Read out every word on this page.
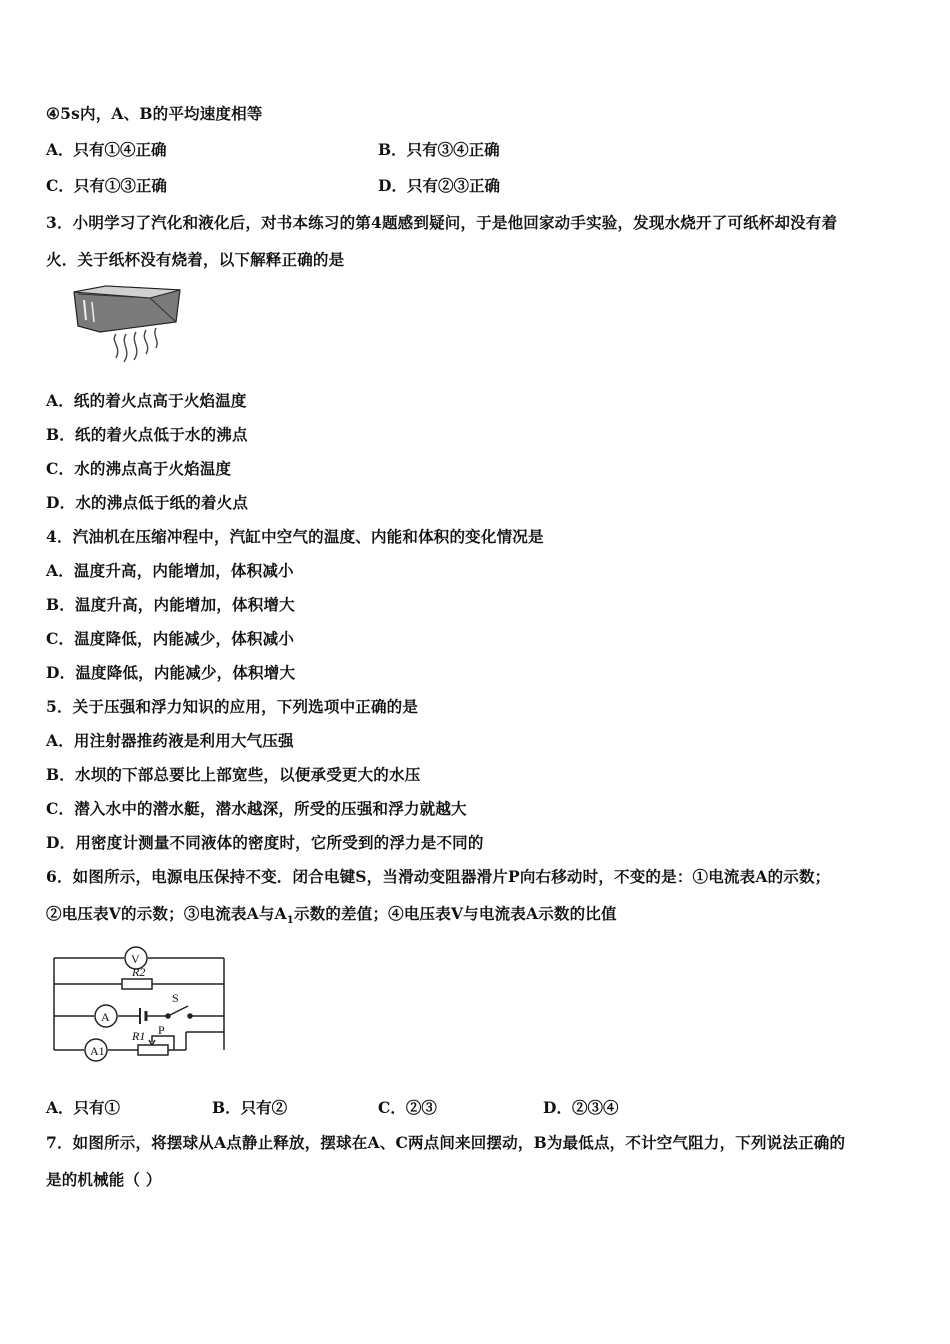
④5s内，A、B的平均速度相等
A．只有①④正确	B．只有③④正确
C．只有①③正确	D．只有②③正确
3．小明学习了汽化和液化后，对书本练习的第4题感到疑问，于是他回家动手实验，发现水烧开了可纸杯却没有着
火．关于纸杯没有烧着，以下解释正确的是
A．纸的着火点高于火焰温度
B．纸的着火点低于水的沸点
C．水的沸点高于火焰温度
D．水的沸点低于纸的着火点
4．汽油机在压缩冲程中，汽缸中空气的温度、内能和体积的变化情况是
A．温度升高，内能增加，体积减小
B．温度升高，内能增加，体积增大
C．温度降低，内能减少，体积减小
D．温度降低，内能减少，体积增大
5．关于压强和浮力知识的应用，下列选项中正确的是
A．用注射器推药液是利用大气压强
B．水坝的下部总要比上部宽些，以便承受更大的水压
C．潜入水中的潜水艇，潜水越深，所受的压强和浮力就越大
D．用密度计测量不同液体的密度时，它所受到的浮力是不同的
6．如图所示，电源电压保持不变．闭合电键S，当滑动变阻器滑片P向右移动时，不变的是：①电流表A的示数；
②电压表V的示数；③电流表A与$A_1$示数的差值；④电压表V与电流表A示数的比值
V
R2
A
S
A1
R1 P
A．只有①	B．只有②	C．②③	D．②③④
7．如图所示，将摆球从A点静止释放，摆球在A、C两点间来回摆动，B为最低点，不计空气阻力，下列说法正确的
是的机械能（ ）
